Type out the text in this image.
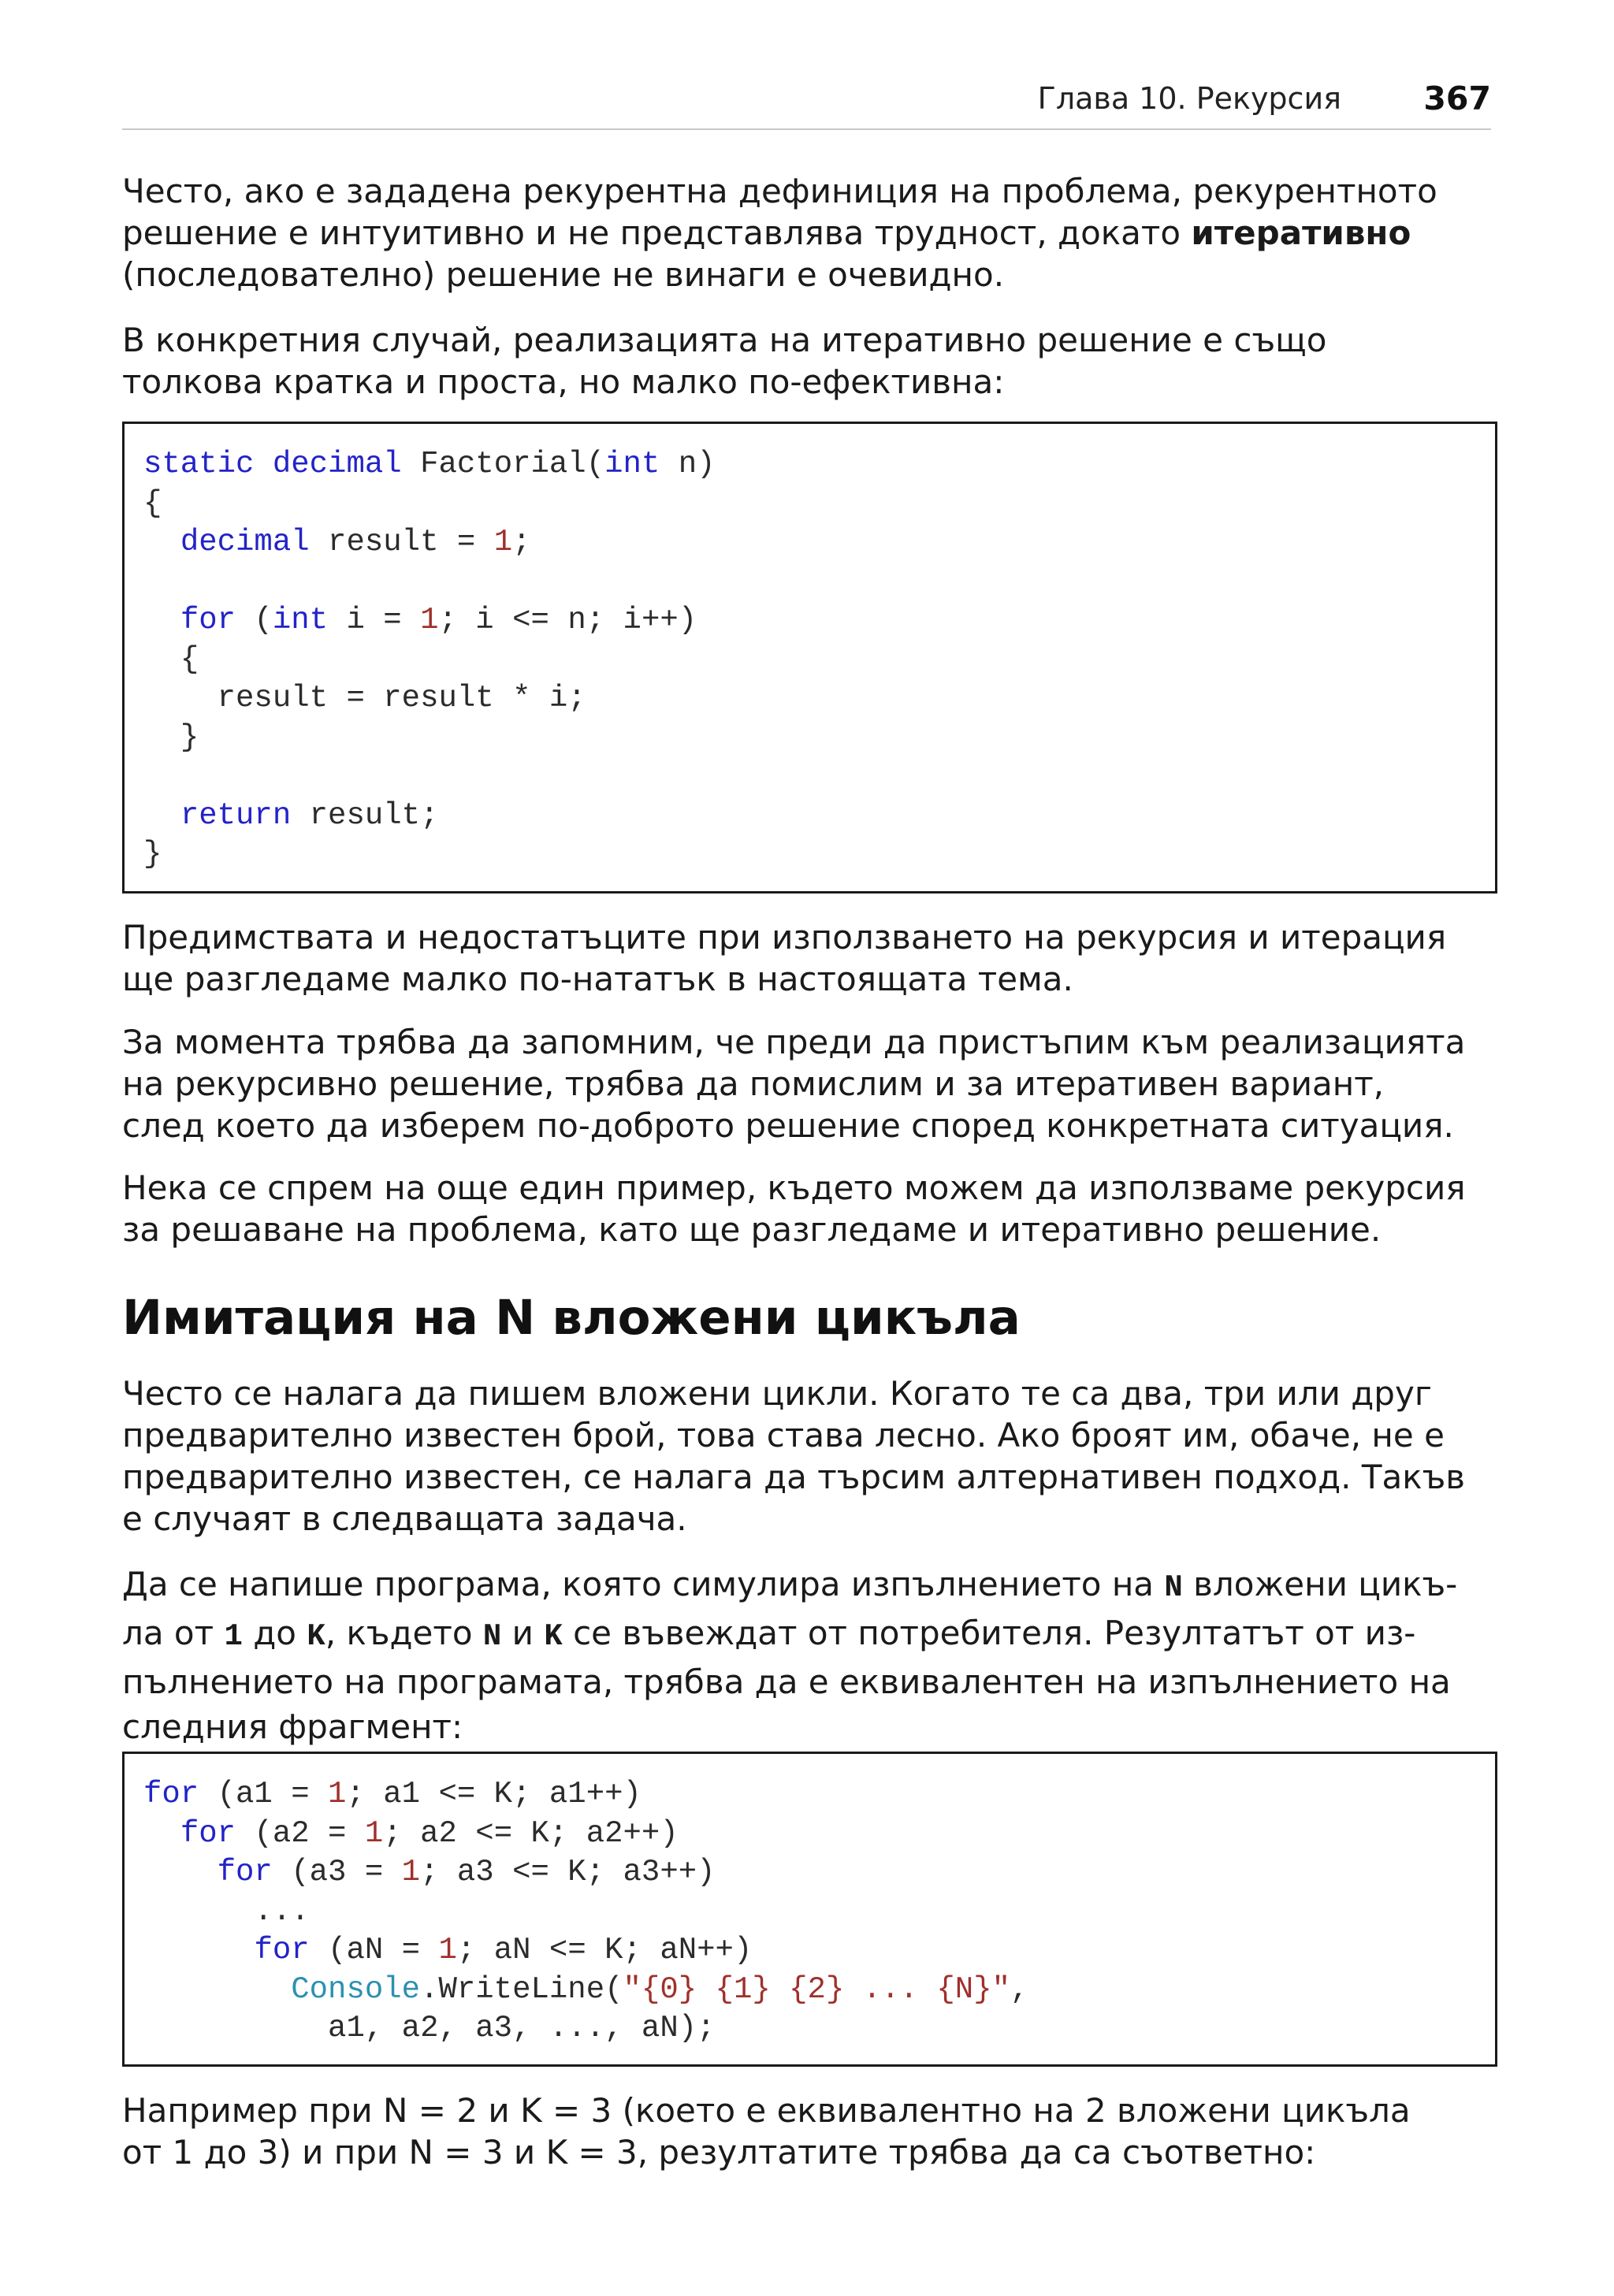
Глава 10. Рекурсия	367
Често, ако е зададена рекурентна дефиниция на проблема, рекурентното
решение е интуитивно и не представлява трудност, докато итеративно
(последователно) решение не винаги е очевидно.
В конкретния случай, реализацията на итеративно решение е също
толкова кратка и проста, но малко по-ефективна:
static decimal Factorial(int n)
{
decimal result = 1;

for (int i = 1; i <= n; i++)
{
result = result * i;
}

return result;
}
Предимствата и недостатъците при използването на рекурсия и итерация
ще разгледаме малко по-нататък в настоящата тема.
За момента трябва да запомним, че преди да пристъпим към реализацията
на рекурсивно решение, трябва да помислим и за итеративен вариант,
след което да изберем по-доброто решение според конкретната ситуация.
Нека се спрем на още един пример, където можем да използваме рекурсия
за решаване на проблема, като ще разгледаме и итеративно решение.
Имитация на N вложени цикъла
Често се налага да пишем вложени цикли. Когато те са два, три или друг
предварително известен брой, това става лесно. Ако броят им, обаче, не е
предварително известен, се налага да търсим алтернативен подход. Такъв
е случаят в следващата задача.
Да се напише програма, която симулира изпълнението на N вложени цикъ-
ла от 1 до K, където N и K се въвеждат от потребителя. Резултатът от из-
пълнението на програмата, трябва да е еквивалентен на изпълнението на
следния фрагмент:
for (a1 = 1; a1 <= K; a1++)
for (a2 = 1; a2 <= K; a2++)
for (a3 = 1; a3 <= K; a3++)
...
for (aN = 1; aN <= K; aN++)
Console.WriteLine("{0} {1} {2} ... {N}",
a1, a2, a3, ..., aN);
Например при N = 2 и K = 3 (което е еквивалентно на 2 вложени цикъла
от 1 до 3) и при N = 3 и K = 3, резултатите трябва да са съответно:
